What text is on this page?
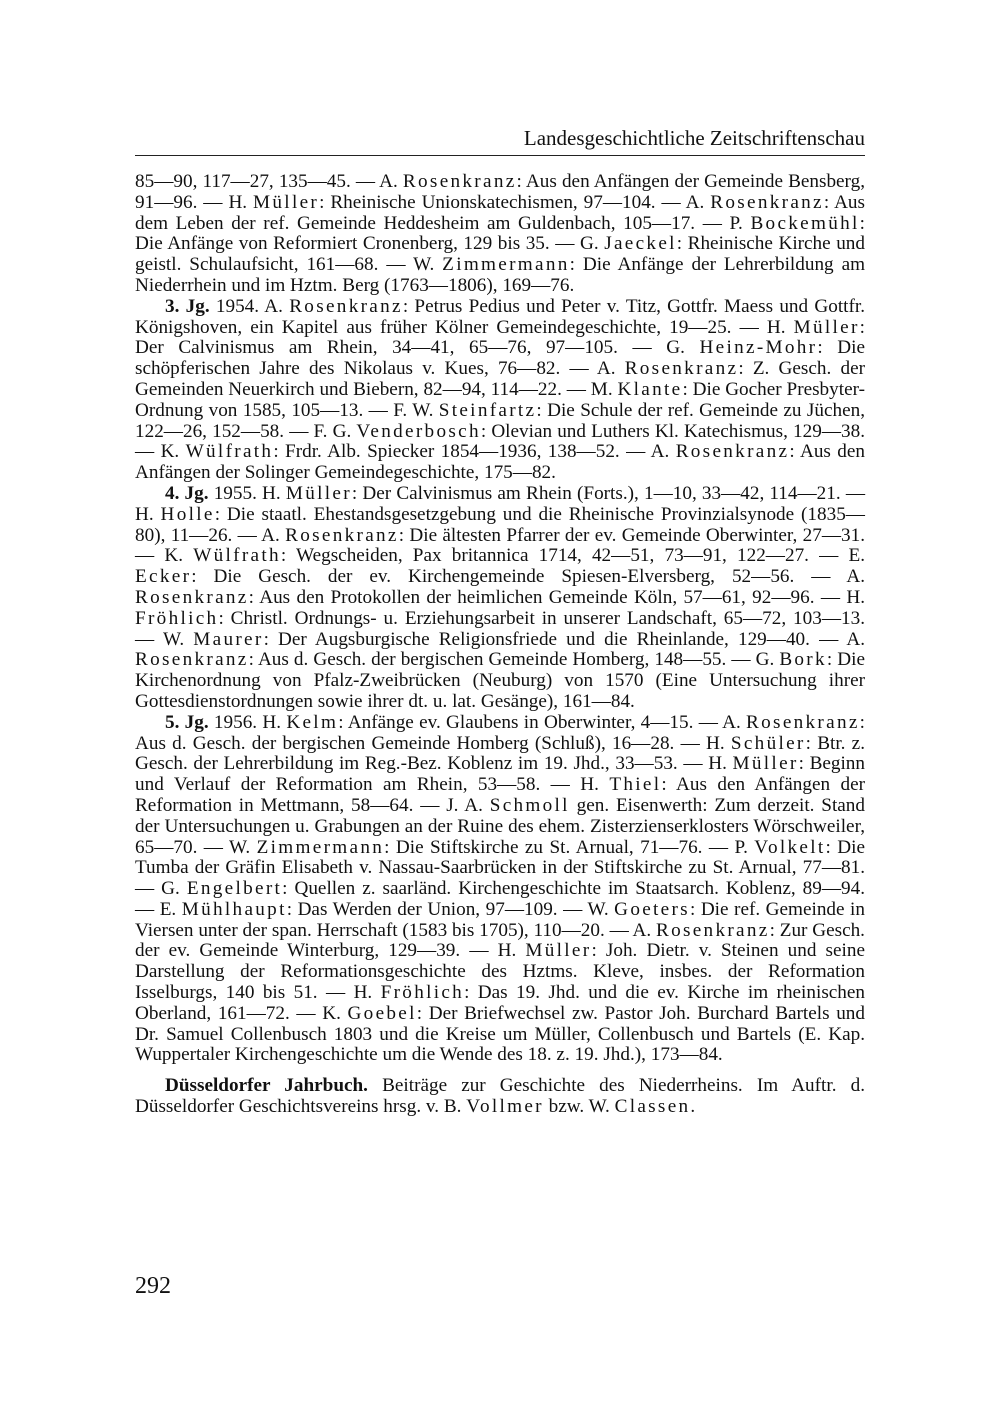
Landesgeschichtliche Zeitschriftenschau

85—90, 117—27, 135—45. — A. Rosenkranz: Aus den Anfängen der Gemeinde Bensberg, 91—96. — H. Müller: Rheinische Unionskatechismen, 97—104. — A. Rosenkranz: Aus dem Leben der ref. Gemeinde Heddesheim am Guldenbach, 105—17. — P. Bockemühl: Die Anfänge von Reformiert Cronenberg, 129 bis 35. — G. Jaeckel: Rheinische Kirche und geistl. Schulaufsicht, 161—68. — W. Zimmermann: Die Anfänge der Lehrerbildung am Niederrhein und im Hztm. Berg (1763—1806), 169—76.

3. Jg. 1954. A. Rosenkranz: Petrus Pedius und Peter v. Titz, Gottfr. Maess und Gottfr. Königshoven, ein Kapitel aus früher Kölner Gemeindegeschichte, 19—25. — H. Müller: Der Calvinismus am Rhein, 34—41, 65—76, 97—105. — G. Heinz-Mohr: Die schöpferischen Jahre des Nikolaus v. Kues, 76—82. — A. Rosenkranz: Z. Gesch. der Gemeinden Neuerkirch und Biebern, 82—94, 114—22. — M. Klante: Die Gocher Presbyter-Ordnung von 1585, 105—13. — F. W. Steinfartz: Die Schule der ref. Gemeinde zu Jüchen, 122—26, 152—58. — F. G. Venderbosch: Olevian und Luthers Kl. Katechismus, 129—38. — K. Wülfrath: Frdr. Alb. Spiecker 1854—1936, 138—52. — A. Rosenkranz: Aus den Anfängen der Solinger Gemeindegeschichte, 175—82.

4. Jg. 1955. H. Müller: Der Calvinismus am Rhein (Forts.), 1—10, 33—42, 114—21. — H. Holle: Die staatl. Ehestandsgesetzgebung und die Rheinische Provinzialsynode (1835—80), 11—26. — A. Rosenkranz: Die ältesten Pfarrer der ev. Gemeinde Oberwinter, 27—31. — K. Wülfrath: Wegscheiden, Pax britannica 1714, 42—51, 73—91, 122—27. — E. Ecker: Die Gesch. der ev. Kirchengemeinde Spiesen-Elversberg, 52—56. — A. Rosenkranz: Aus den Protokollen der heimlichen Gemeinde Köln, 57—61, 92—96. — H. Fröhlich: Christl. Ordnungs- u. Erziehungsarbeit in unserer Landschaft, 65—72, 103—13. — W. Maurer: Der Augsburgische Religionsfriede und die Rheinlande, 129—40. — A. Rosenkranz: Aus d. Gesch. der bergischen Gemeinde Homberg, 148—55. — G. Bork: Die Kirchenordnung von Pfalz-Zweibrücken (Neuburg) von 1570 (Eine Untersuchung ihrer Gottesdienstordnungen sowie ihrer dt. u. lat. Gesänge), 161—84.

5. Jg. 1956. H. Kelm: Anfänge ev. Glaubens in Oberwinter, 4—15. — A. Rosenkranz: Aus d. Gesch. der bergischen Gemeinde Homberg (Schluß), 16—28. — H. Schüler: Btr. z. Gesch. der Lehrerbildung im Reg.-Bez. Koblenz im 19. Jhd., 33—53. — H. Müller: Beginn und Verlauf der Reformation am Rhein, 53—58. — H. Thiel: Aus den Anfängen der Reformation in Mettmann, 58—64. — J. A. Schmoll gen. Eisenwerth: Zum derzeit. Stand der Untersuchungen u. Grabungen an der Ruine des ehem. Zisterzienserklosters Wörschweiler, 65—70. — W. Zimmermann: Die Stiftskirche zu St. Arnual, 71—76. — P. Volkelt: Die Tumba der Gräfin Elisabeth v. Nassau-Saarbrücken in der Stiftskirche zu St. Arnual, 77—81. — G. Engelbert: Quellen z. saarländ. Kirchengeschichte im Staatsarch. Koblenz, 89—94. — E. Mühlhaupt: Das Werden der Union, 97—109. — W. Goeters: Die ref. Gemeinde in Viersen unter der span. Herrschaft (1583 bis 1705), 110—20. — A. Rosenkranz: Zur Gesch. der ev. Gemeinde Winterburg, 129—39. — H. Müller: Joh. Dietr. v. Steinen und seine Darstellung der Reformationsgeschichte des Hztms. Kleve, insbes. der Reformation Isselburgs, 140 bis 51. — H. Fröhlich: Das 19. Jhd. und die ev. Kirche im rheinischen Oberland, 161—72. — K. Goebel: Der Briefwechsel zw. Pastor Joh. Burchard Bartels und Dr. Samuel Collenbusch 1803 und die Kreise um Müller, Collenbusch und Bartels (E. Kap. Wuppertaler Kirchengeschichte um die Wende des 18. z. 19. Jhd.), 173—84.

Düsseldorfer Jahrbuch. Beiträge zur Geschichte des Niederrheins. Im Auftr. d. Düsseldorfer Geschichtsvereins hrsg. v. B. Vollmer bzw. W. Classen.

292
